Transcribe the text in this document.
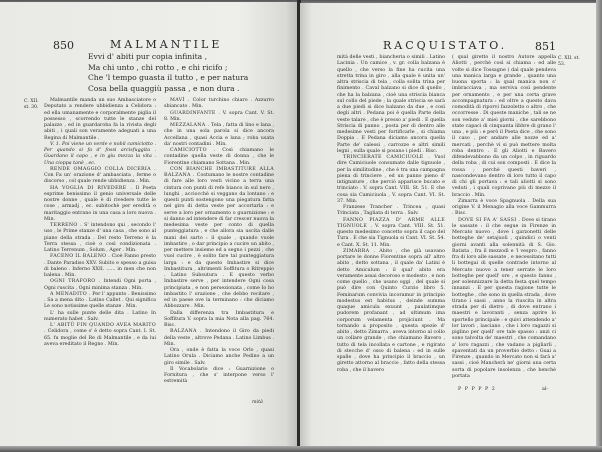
850	MALMANTILE
Evvi d' abiti pur copia infinita ,
Ma chi unto , chi rotto , e chi ricifo ;
Che 'l tempo guasta il tutto , e per natura
Cosa bella quaggiù passa , e non dura .
C. XII. st. 30.

Malmantile manda un suo Ambasciatore o Deputato a rendere ubbidienza a Celidora : ed ella umanamente e corporalmente piglia il possesso , scorrendo tutte le stanze del palazzo , ed in guardaroba fa la rivista degli abiti , i quali son veramente adeguati a una Regina di Malmantile .

V. 1. Poi viene un verde e nobil camiciotto . Per quando si fa d' fossi arcisfuggita . Guardano il capo , e in giu mezza la vita . Una cioppa tanè , ec.

RENDE OMAGGIO COLLA DICERIA . Con Fa un' orazione d' ambasciata , ferme o discorso , col quale rende ubbidienza . Min.

HA VOGLIA DI RIVEDERE . Il Poeta esprime benissimo il genio universale delle nostre donne , quale è di rivedere tutte le cose , armadj , ec. subitochè per eredità o maritaggio entrano in una casa a loro nuova . Min.

TERRENO . S' intendono qui , secondo l' uso , le Prime stanze d' una casa , che sono al piano della strada . Del resto Terreno è la Terra stessa , cioè o così condizionata . Latino Terrenum , Solum , Ager . Min.

FACENO IL BALENO . Cioè Fanno presto . Dante Paradiso XXV. Subito e spesso a guisa di baleno . Inferno XXII. ...... in men che non balena . Min.

OGNI TRAFORO . Intendi Ogni porta , Ogni ruscita , Ogni minima stanza . Min.

A MENADITO . Per l' appunto . Benissimo . Sa a mena dito . Latino Callet . Qui significa Le sono notissime quelle stanze . Min.

L' ha sulle punte delle dita . Latino In numerato habet . Salv.

L' ABITÙ FIN QUANDO AVEA MARITO . Celidora , come s' è detto sopra Cant. I. St. 65. fu moglie del Re di Malmantile , e da lui aveva ereditato il Regno . Min.

MAVÌ . Color turchino chiaro . Azzurro sbiancato . Min.

GUARDINFANTE . V. sopra Cant. V. St. 8. Min.

MEZZALANA . Tela , fatta di lino e lana , che in una sola parola si dice ancora Accellana , quasi Accia e lana ; roba usata da' nostri contadini . Min.

CAMICIOTTO . Così chiamano le contadine quella veste di donna , che le Fiorentine chiamano Sottana . Min.

CON BIANCHE IMBASTITURE ALLA BALZANA . Costumano le nostre contadine di fare alle loro vesti vicino a terra una cintura con punti di refe bianco in sul nero , lunghi , acciocchè si veggano da lontano : e questi punti sostengono una piegatura fatta nel giro di detta veste per accortarla : e serve a loro per ornamento o guarnizione : e si danno ad intendere di far crescer nuova la medesima veste per conto di quella punteggiatura , e che allora sia uscita dalle mani del sarto : il quale , quando vuole imbastire , o dar principio a cucire un abito , per mettere insieme ed a segno i pezzi , che vuol cucire , è solito fare tal punteggiatura larga : e da questo Imbastire si dice Imbastitura , altrimenti Soffitura o Ritreppio . Latino Subsutura . E questo verbo Imbastire serve , per intendere Ogni cosa principiata , e non persezionata , come Io ho imbastito l' orazione , che debbo recitare , ed in paese ove la terminano : che diciamo Abbozzare . Min.

Dalla differenza tra Imbastitura e Soffitura V. sopra la mia Nota alla pag. 764. Bisc.

BALZANA . Intendono il Giro da piedi della veste , altrove Pedana . Latino Limbus . Min.

Ora , onde è fatta la voce Orlo , quasi Latino Orula . Diciamo anche Pedino a un giro simile . Salv.

Il Vocabolario dice : Guarnizione o Fornitura , che s' interpone verso l' estremità

mità
RACQUISTATO.	851

mità delle vesti , biancheria o simili . Latino Lacinia . Un camice , v. gr. colla balzana è quello , che verso la fine ha cucita una stretta trina in giro , alla quale è unita un' altra striscia di tela , colla solita trina per finimento . Caval balzano si dice di quello , che ha la balzana , cioè una striscia bianca sul collo del piede ; la quale striscia se sarà a due piedi si dice balzano da due , e così degli altri . Pedana poi è quella Parte della veste talare , che è presso a' piedi . E quella Striscia di panno , posta per di dentro alle medesime vesti per fortificarle , si chiama Doppia . E Pedana diciamo ancora quella Parte de' calessi , carrozze e altri simili legni , sulla quale si posano i piedi . Bisc.

TRINCIERATE CAMICIUOLE . Vuol dire Camiciuole consumate dalle tignuole , per la similitudine , che è tra una campagna piena di trinciere , ed un panno pieno d' intignature , che perciò apparisce bucato e trinciato . V. sopra Cant. VIII. St. 51. E che cosa sia Camiciuola , V. sopra Cant. VI. St. 37. Min.

Franzese Trancher . Trincea , quasi Trinciata , Tagliata di terra . Salv.

FANNO PIAZZA D' ARME ALLE TIGNUOLE . V. sopra Cant. VIII. St. 51. questo medesimo concetto sopra il capo del Tura . E che sia Tignuola si Cant. VI. St. 54. e Cant. X. St. 11. Min.

ZIMARRA . Abito , che già usavano portare le donne Fiorentine sopra all' altro abito , detto sottana , il quale da' Latini è detto Amiculum : il qual' abito era veramente assai decoroso e modesto , e non come quello , che usano oggi , del quale si può dire con Quinto Curzio libro 5. Feminarum convivia incoramur in principio modestus est habitus , deinde summa quaque amicula exuunt , paulatimque pudorem profanant , ad ultimum ima corporum velamenta projiciunt . Ma tornando a proposito , questa spezie d' abito , detto Zimarra , aveva intorno al collo un collare grande , che chiamano Bavero , tutto di tela incollata e cartone , e rigirato di stecche d' osso di balena : ed in sulle spalle , dove ha principio il braccio , un giretto attorno al braccio , fatto della stessa roba , che il bavero

( qual giretto il nostro Autore appella Aliotti , perchè così si chiama : ed alle volte si dice Tossagne ) dal quale pendeva una manica larga e grande , quanto una buona sporta : la qual manica non s' imbracciava , ma serviva così pendente per ornamento , e per una certa grave accompagnatura : ed oltre a questo dava comodità di riporvi fazzoletto o altro , che occorresse . Di queste maniche , tali se ne son vedute a' miei giorni , che sarebbono state capaci di cinquanta libbre di grano l' una , e più : e però il Poeta dice , che sono il caso , per andare alle nozze ed a' mercati , perchè vi si può mettere molta roba dentro . E gli Aliotti e Bavero difendevabbono da un colpo , in riguardo della roba , di cui son composti . E dice la rossa ; perchè questi baveri , nascondevano dentro di loro tutto il capo di chi gli portava : e tali aliotti si sono veduti , i quali coprivano più di mezzo il braccio . Min.

Zimarra è voce Spagnuola . Della sua origine V. il Menagio alla voce Gammurra . Bisc.

DOVE SI FA A' SASSI . Dove si tirano le sassate : il che segue in Firenze in Mercato nuovo , dove i garzonetti delle botteghe de' setajuoli , quindici o venti giorni avanti alla solennità di S. Gio. Batista , fra il mezzodì e 'l vespro , fanno fra di loro alle sassate , e necessitano tutti li bottegai di quelle contrade intorno al Mercato nuovo a tener serrate le loro botteghe per quell' ore , e questo fanno , per solennizzare la detta festa quel tempo innanzi . E per questa ragione tutte le botteghe , che sono in quella strada , dove tirano i sassi , anno la riuscita in altra strada per di dietro , di dove entrano i maestri e lavoranti , senza aprire lo sportello principale : e quivi attendendo a' lor lavori , lasciano , che i loro ragazzi si piglino per quell' ore tale spasso : anzi ci sono talvolta de' maestri , che comandano a' loro ragazzi , che vadano a pigliarli , spaventati da un proverbio detto : Guai a Firenze , quando in Mercato non si farà a' sassi , cioè Mancherà ne' giorni una certa sorta di popolare insolenza , che benchè portata

C. XII. st. 53.
P P P P P 2	al-
